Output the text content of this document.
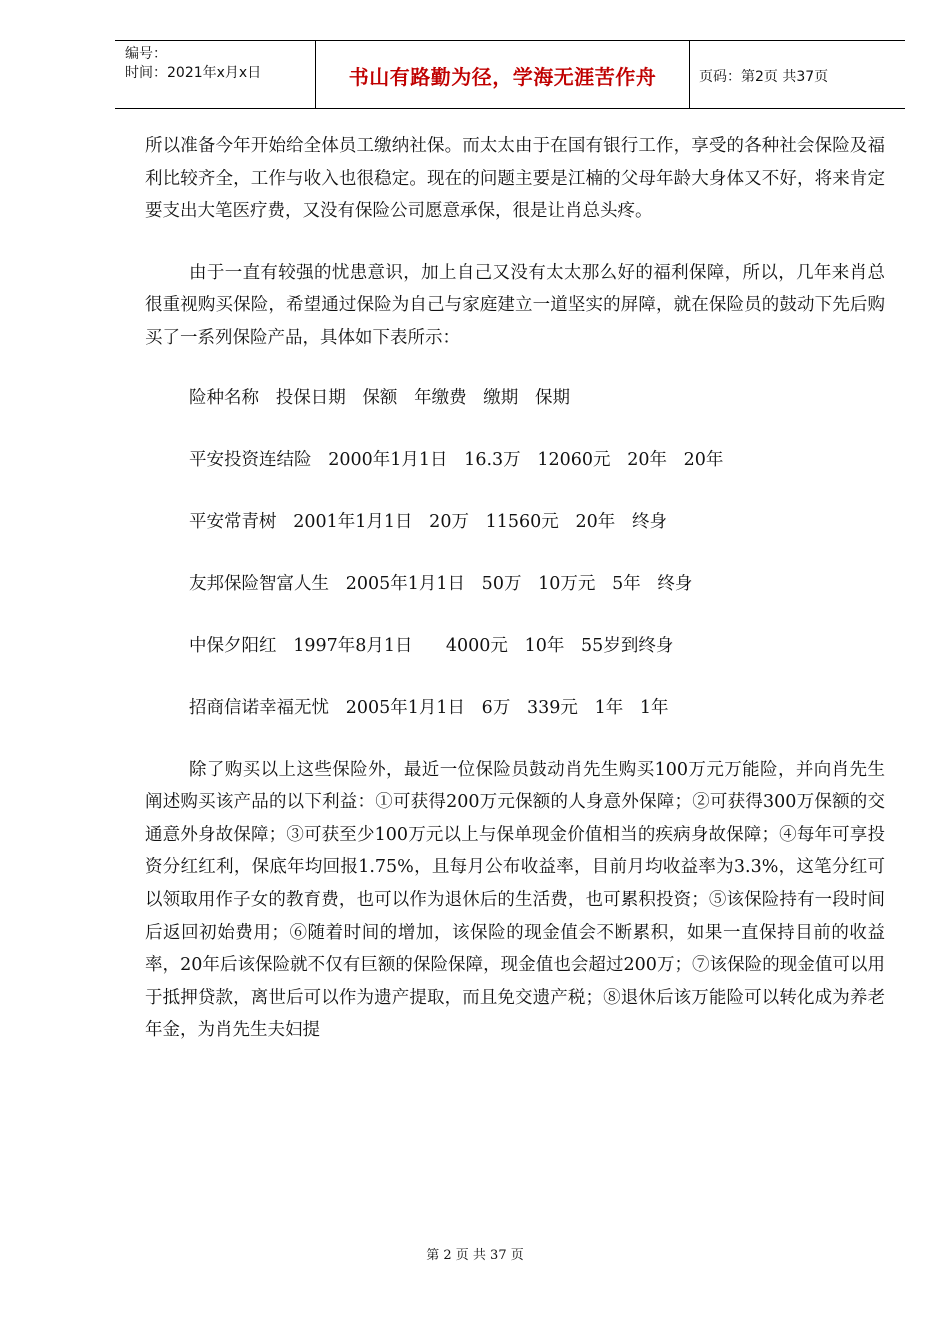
编号：
时间：2021年x月x日	书山有路勤为径，学海无涯苦作舟	页码：第2页 共37页

所以准备今年开始给全体员工缴纳社保。而太太由于在国有银行工作，享受的各种社会保险及福利比较齐全，工作与收入也很稳定。现在的问题主要是江楠的父母年龄大身体又不好，将来肯定要支出大笔医疗费，又没有保险公司愿意承保，很是让肖总头疼。

由于一直有较强的忧患意识，加上自己又没有太太那么好的福利保障，所以，几年来肖总很重视购买保险，希望通过保险为自己与家庭建立一道坚实的屏障，就在保险员的鼓动下先后购买了一系列保险产品，具体如下表所示：

险种名称   投保日期   保额   年缴费   缴期   保期
平安投资连结险   2000年1月1日   16.3万   12060元   20年   20年
平安常青树   2001年1月1日   20万   11560元   20年   终身
友邦保险智富人生   2005年1月1日   50万   10万元   5年   终身
中保夕阳红   1997年8月1日      4000元   10年   55岁到终身
招商信诺幸福无忧   2005年1月1日   6万   339元   1年   1年

除了购买以上这些保险外，最近一位保险员鼓动肖先生购买100万元万能险，并向肖先生阐述购买该产品的以下利益：①可获得200万元保额的人身意外保障；②可获得300万保额的交通意外身故保障；③可获至少100万元以上与保单现金价值相当的疾病身故保障；④每年可享投资分红红利，保底年均回报1.75%，且每月公布收益率，目前月均收益率为3.3%，这笔分红可以领取用作子女的教育费，也可以作为退休后的生活费，也可累积投资；⑤该保险持有一段时间后返回初始费用；⑥随着时间的增加，该保险的现金值会不断累积，如果一直保持目前的收益率，20年后该保险就不仅有巨额的保险保障，现金值也会超过200万；⑦该保险的现金值可以用于抵押贷款，离世后可以作为遗产提取，而且免交遗产税；⑧退休后该万能险可以转化成为养老年金，为肖先生夫妇提

第 2 页 共 37 页
